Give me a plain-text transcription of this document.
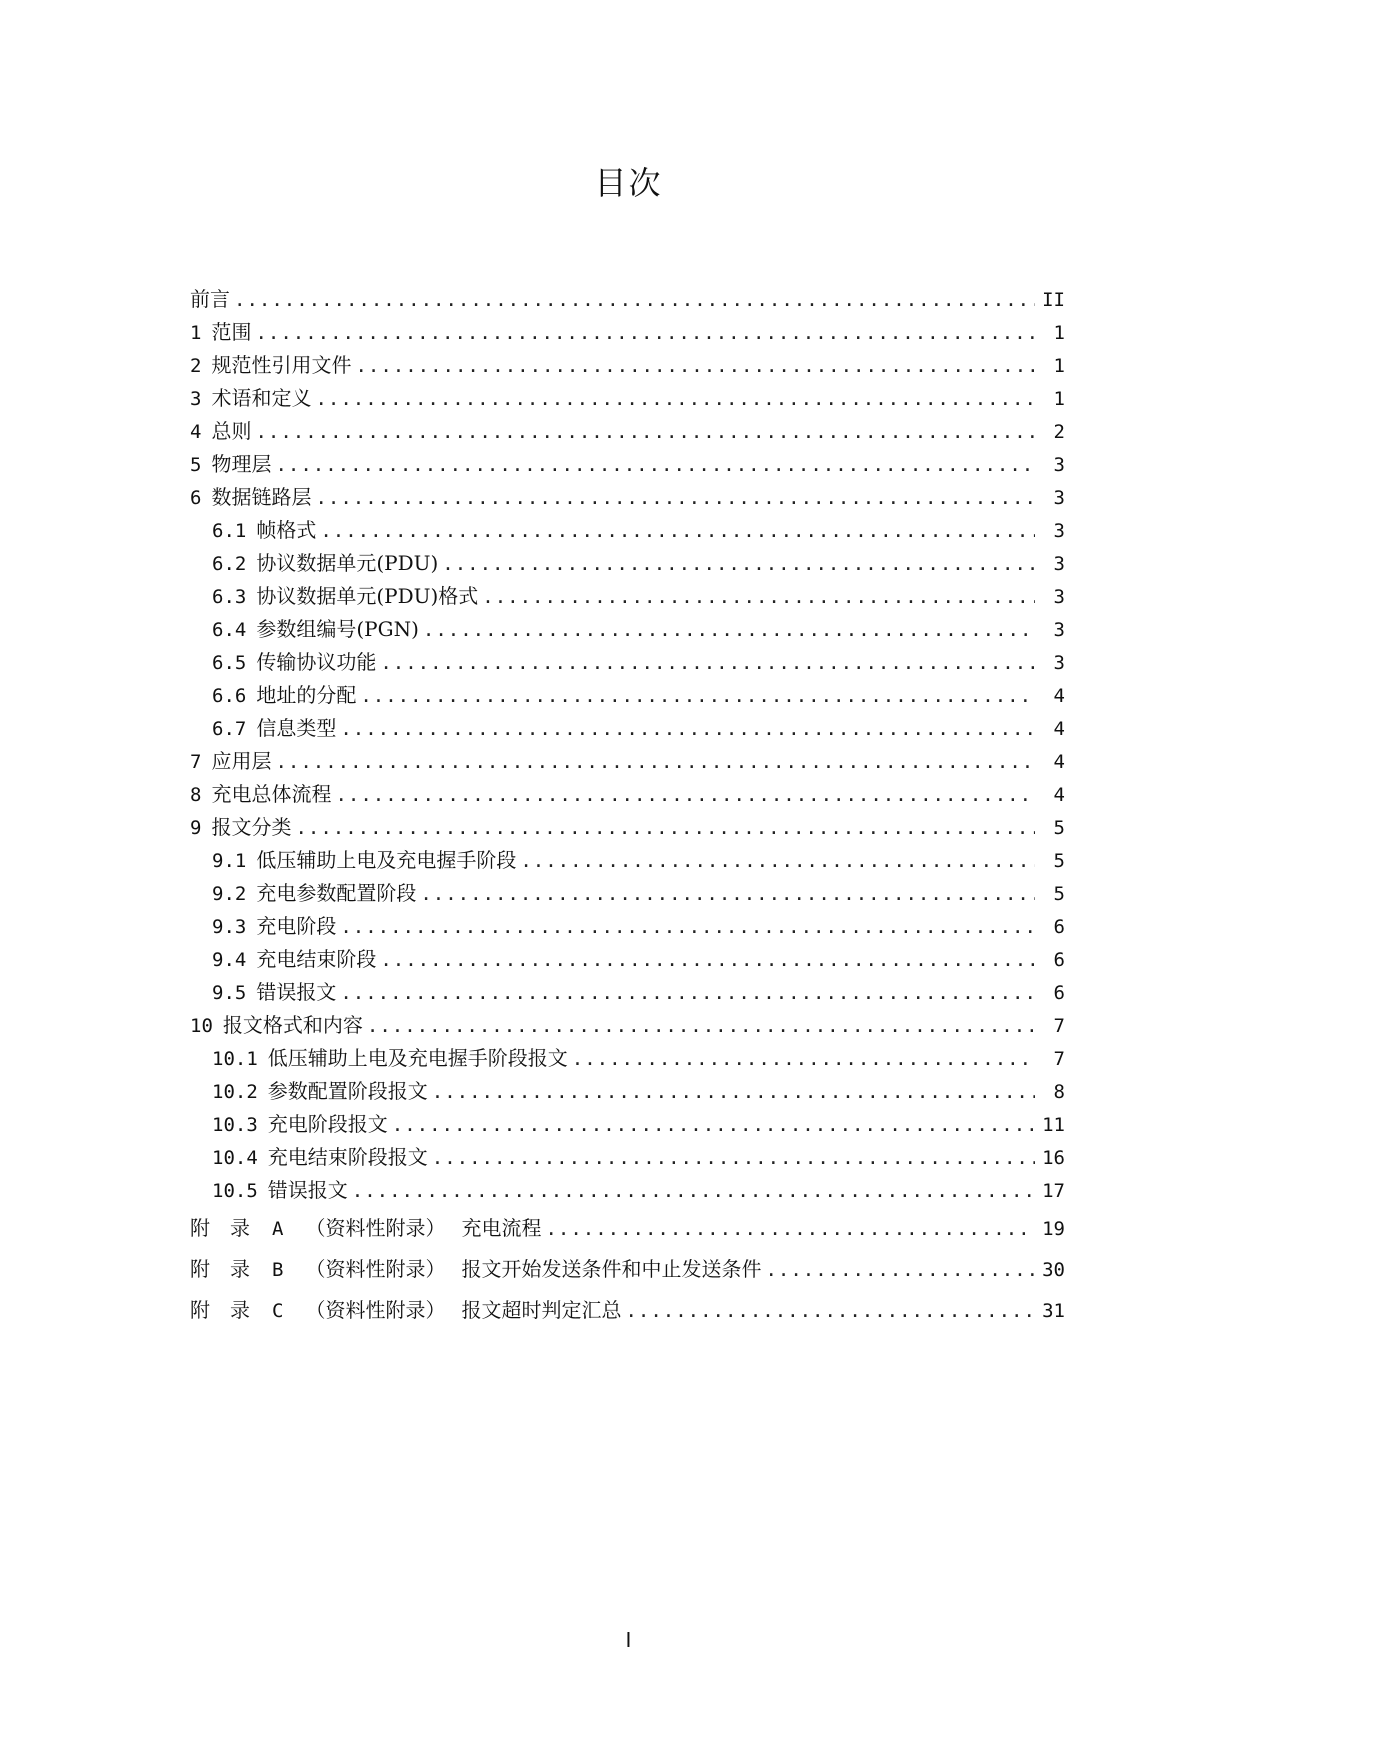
目次
前言 .....	II
1 范围 .....	1
2 规范性引用文件 .....	1
3 术语和定义 .....	1
4 总则 .....	2
5 物理层 .....	3
6 数据链路层 .....	3
6.1 帧格式 .....	3
6.2 协议数据单元(PDU) .....	3
6.3 协议数据单元(PDU)格式 .....	3
6.4 参数组编号(PGN) .....	3
6.5 传输协议功能 .....	3
6.6 地址的分配 .....	4
6.7 信息类型 .....	4
7 应用层 .....	4
8 充电总体流程 .....	4
9 报文分类 .....	5
9.1 低压辅助上电及充电握手阶段 .....	5
9.2 充电参数配置阶段 .....	5
9.3 充电阶段 .....	6
9.4 充电结束阶段 .....	6
9.5 错误报文 .....	6
10 报文格式和内容 .....	7
10.1 低压辅助上电及充电握手阶段报文 .....	7
10.2 参数配置阶段报文 .....	8
10.3 充电阶段报文 .....	11
10.4 充电结束阶段报文 .....	16
10.5 错误报文 .....	17
附　录 A （资料性附录） 充电流程 .....	19
附　录 B （资料性附录） 报文开始发送条件和中止发送条件 .....	30
附　录 C （资料性附录） 报文超时判定汇总 .....	31
I
